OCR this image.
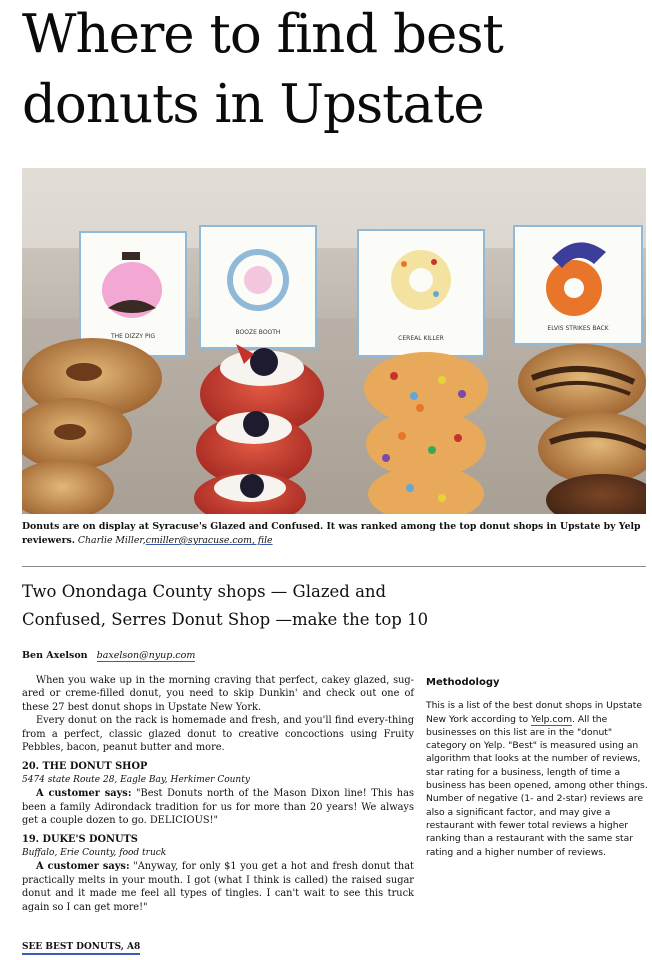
Where to find best
donuts in Upstate
THE DIZZY PIG
BOOZE BOOTH
CEREAL KILLER
ELVIS STRIKES BACK
Donuts are on display at Syracuse's Glazed and Confused. It was ranked among the top donut shops in Upstate by Yelp reviewers. Charlie Miller,cmiller@syracuse.com, file
Two Onondaga County shops — Glazed and
Confused, Serres Donut Shop —make the top 10
Ben Axelson baxelson@nyup.com

When you wake up in the morning craving that perfect, cakey glazed, sug-ared or creme-filled donut, you need to skip Dunkin' and check out one of these 27 best donut shops in Upstate New York.

Every donut on the rack is homemade and fresh, and you'll find every-thing from a perfect, classic glazed donut to creative concoctions using Fruity Pebbles, bacon, peanut butter and more.

20. THE DONUT SHOP
5474 state Route 28, Eagle Bay, Herkimer County

A customer says: "Best Donuts north of the Mason Dixon line! This has been a family Adirondack tradition for us for more than 20 years! We always get a couple dozen to go. DELICIOUS!"

19. DUKE'S DONUTS
Buffalo, Erie County, food truck

A customer says: "Anyway, for only $1 you get a hot and fresh donut that practically melts in your mouth. I got (what I think is called) the raised sugar donut and it made me feel all types of tingles. I can't wait to see this truck again so I can get more!"

SEE BEST DONUTS, A8
Methodology
This is a list of the best donut shops in Upstate New York according to Yelp.com. All the businesses on this list are in the "donut" category on Yelp. "Best" is measured using an algorithm that looks at the number of reviews, star rating for a business, length of time a business has been opened, among other things. Number of negative (1- and 2-star) reviews are also a significant factor, and may give a restaurant with fewer total reviews a higher ranking than a restaurant with the same star rating and a higher number of reviews.
